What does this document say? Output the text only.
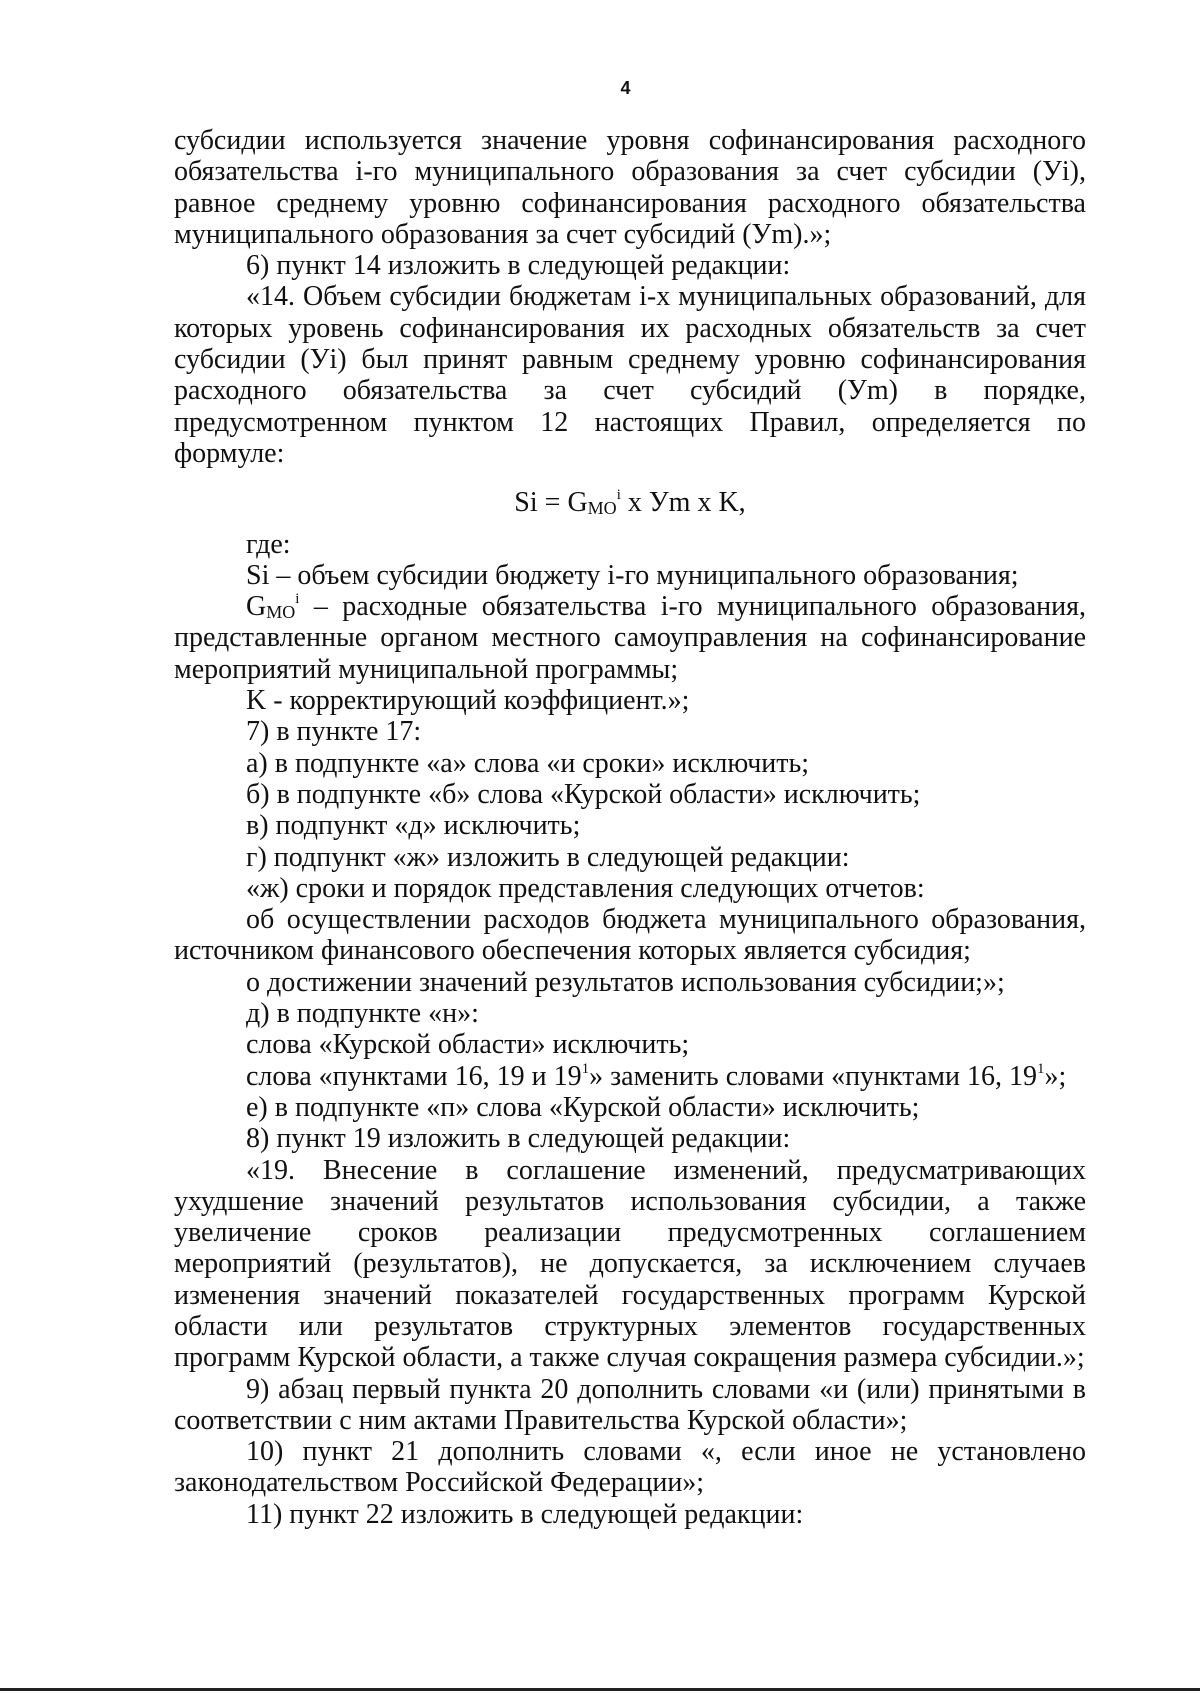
4

субсидии используется значение уровня софинансирования расходного обязательства i-го муниципального образования за счет субсидии (Уi), равное среднему уровню софинансирования расходного обязательства муниципального образования за счет субсидий (Уm).»;

6) пункт 14 изложить в следующей редакции:

«14. Объем субсидии бюджетам i-х муниципальных образований, для которых уровень софинансирования их расходных обязательств за счет субсидии (Уi) был принят равным среднему уровню софинансирования расходного обязательства за счет субсидий (Уm) в порядке, предусмотренном пунктом 12 настоящих Правил, определяется по формуле:

$Si = G_{МО}^i$ х Уm х K,

где:

Si – объем субсидии бюджету i-го муниципального образования;

$G_{МО}^i$ – расходные обязательства i-го муниципального образования, представленные органом местного самоуправления на софинансирование мероприятий муниципальной программы;

K - корректирующий коэффициент.»;

7) в пункте 17:

а) в подпункте «а» слова «и сроки» исключить;

б) в подпункте «б» слова «Курской области» исключить;

в) подпункт «д» исключить;

г) подпункт «ж» изложить в следующей редакции:

«ж) сроки и порядок представления следующих отчетов:

об осуществлении расходов бюджета муниципального образования, источником финансового обеспечения которых является субсидия;

о достижении значений результатов использования субсидии;»;

д) в подпункте «н»:

слова «Курской области» исключить;

слова «пунктами 16, 19 и $19^1$» заменить словами «пунктами 16, $19^1$»;

е) в подпункте «п» слова «Курской области» исключить;

8) пункт 19 изложить в следующей редакции:

«19. Внесение в соглашение изменений, предусматривающих ухудшение значений результатов использования субсидии, а также увеличение сроков реализации предусмотренных соглашением мероприятий (результатов), не допускается, за исключением случаев изменения значений показателей государственных программ Курской области или результатов структурных элементов государственных программ Курской области, а также случая сокращения размера субсидии.»;

9) абзац первый пункта 20 дополнить словами «и (или) принятыми в соответствии с ним актами Правительства Курской области»;

10) пункт 21 дополнить словами «, если иное не установлено законодательством Российской Федерации»;

11) пункт 22 изложить в следующей редакции:
